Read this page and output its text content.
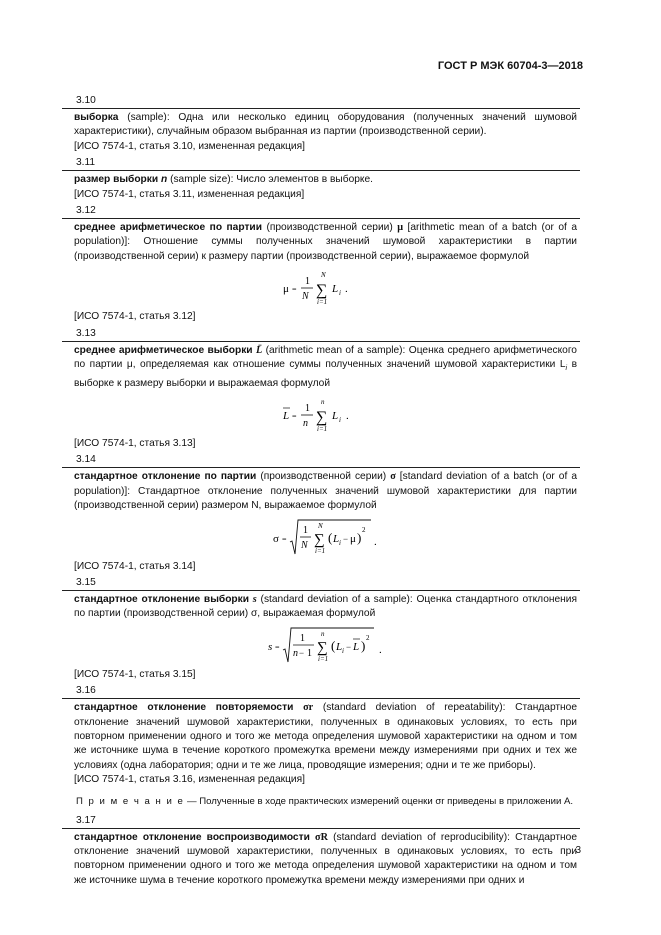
ГОСТ Р МЭК 60704-3—2018
3.10

выборка (sample): Одна или несколько единиц оборудования (полученных значений шумовой характеристики), случайным образом выбранная из партии (производственной серии).

[ИСО 7574-1, статья 3.10, измененная редакция]

3.11

размер выборки n (sample size): Число элементов в выборке.

[ИСО 7574-1, статья 3.11, измененная редакция]

3.12

среднее арифметическое по партии (производственной серии) μ [arithmetic mean of a batch (or of a population)]: Отношение суммы полученных значений шумовой характеристики в партии (производственной серии) к размеру партии (производственной серии), выражаемое формулой

μ =
1
N
N
∑
i=1
L i .

[ИСО 7574-1, статья 3.12]

3.13

среднее арифметическое выборки L̄ (arithmetic mean of a sample): Оценка среднего арифметического по партии μ, определяемая как отношение суммы полученных значений шумовой характеристики $L_i$ в выборке к размеру выборки и выражаемая формулой

L =
1
n
n
∑
i=1
L i .

[ИСО 7574-1, статья 3.13]

3.14

стандартное отклонение по партии (производственной серии) σ [standard deviation of a batch (or of a population)]: Стандартное отклонение полученных значений шумовой характеристики для партии (производственной серии) размером N, выражаемое формулой

σ =
1
N
N
∑
i=1
( L i − μ ) 2
.

[ИСО 7574-1, статья 3.14]

3.15

стандартное отклонение выборки s (standard deviation of a sample): Оценка стандартного отклонения по партии (производственной серии) σ, выражаемая формулой

s =
1
n − 1
n
∑
i=1
( L i − L ) 2
.

[ИСО 7574-1, статья 3.15]

3.16

стандартное отклонение повторяемости σr (standard deviation of repeatability): Стандартное отклонение значений шумовой характеристики, полученных в одинаковых условиях, то есть при повторном применении одного и того же метода определения шумовой характеристики на одном и том же источнике шума в течение короткого промежутка времени между измерениями при одних и тех же условиях (одна лаборатория; одни и те же лица, проводящие измерения; одни и те же приборы).

[ИСО 7574-1, статья 3.16, измененная редакция]

П р и м е ч а н и е — Полученные в ходе практических измерений оценки σr приведены в приложении А.
3.17

стандартное отклонение воспроизводимости σR (standard deviation of reproducibility): Стандартное отклонение значений шумовой характеристики, полученных в одинаковых условиях, то есть при повторном применении одного и того же метода определения шумовой характеристики на одном и том же источнике шума в течение короткого промежутка времени между измерениями при одних и

3
